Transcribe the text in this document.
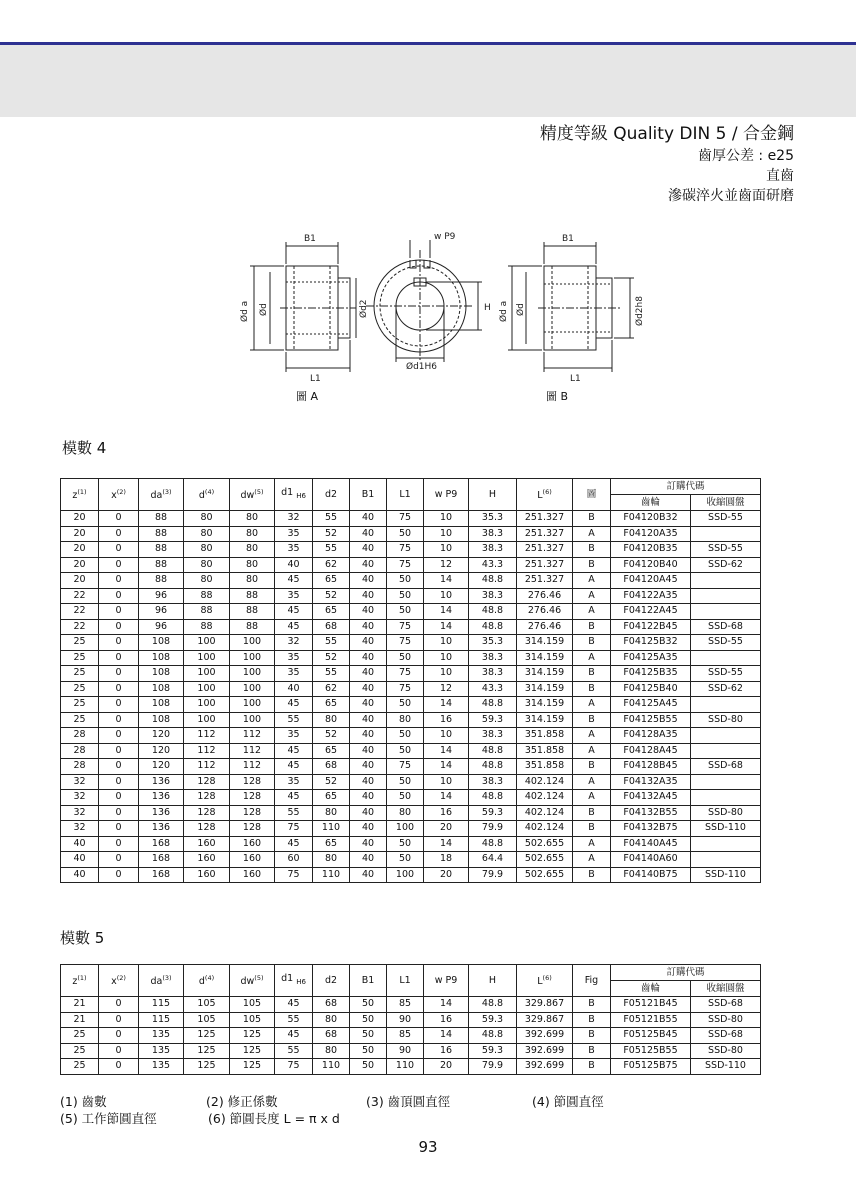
精度等級 Quality DIN 5 / 合金鋼
齒厚公差 : e25
直齒
滲碳淬火並齒面研磨
B1
L1
Ød a Ød	Ød2
w P9
H
Ød1H6
B1
L1
Ød a Ød	Ød2h8
圖 A	圖 B
模數 4
$z^{(1)}$	$x^{(2)}$	$da^{(3)}$	$d^{(4)}$	$dw^{(5)}$	d1 $_{H6}$	d2	B1	L1	w P9	H	$L^{(6)}$	圖	訂購代碼	
													齒輪	收縮圓盤
20	0	88	80	80	32	55	40	75	10	35.3	251.327	B	F04120B32	SSD-55
20	0	88	80	80	35	52	40	50	10	38.3	251.327	A	F04120A35	
20	0	88	80	80	35	55	40	75	10	38.3	251.327	B	F04120B35	SSD-55
20	0	88	80	80	40	62	40	75	12	43.3	251.327	B	F04120B40	SSD-62
20	0	88	80	80	45	65	40	50	14	48.8	251.327	A	F04120A45	
22	0	96	88	88	35	52	40	50	10	38.3	276.46	A	F04122A35	
22	0	96	88	88	45	65	40	50	14	48.8	276.46	A	F04122A45	
22	0	96	88	88	45	68	40	75	14	48.8	276.46	B	F04122B45	SSD-68
25	0	108	100	100	32	55	40	75	10	35.3	314.159	B	F04125B32	SSD-55
25	0	108	100	100	35	52	40	50	10	38.3	314.159	A	F04125A35	
25	0	108	100	100	35	55	40	75	10	38.3	314.159	B	F04125B35	SSD-55
25	0	108	100	100	40	62	40	75	12	43.3	314.159	B	F04125B40	SSD-62
25	0	108	100	100	45	65	40	50	14	48.8	314.159	A	F04125A45	
25	0	108	100	100	55	80	40	80	16	59.3	314.159	B	F04125B55	SSD-80
28	0	120	112	112	35	52	40	50	10	38.3	351.858	A	F04128A35	
28	0	120	112	112	45	65	40	50	14	48.8	351.858	A	F04128A45	
28	0	120	112	112	45	68	40	75	14	48.8	351.858	B	F04128B45	SSD-68
32	0	136	128	128	35	52	40	50	10	38.3	402.124	A	F04132A35	
32	0	136	128	128	45	65	40	50	14	48.8	402.124	A	F04132A45	
32	0	136	128	128	55	80	40	80	16	59.3	402.124	B	F04132B55	SSD-80
32	0	136	128	128	75	110	40	100	20	79.9	402.124	B	F04132B75	SSD-110
40	0	168	160	160	45	65	40	50	14	48.8	502.655	A	F04140A45	
40	0	168	160	160	60	80	40	50	18	64.4	502.655	A	F04140A60	
40	0	168	160	160	75	110	40	100	20	79.9	502.655	B	F04140B75	SSD-110
模數 5
$z^{(1)}$	$x^{(2)}$	$da^{(3)}$	$d^{(4)}$	$dw^{(5)}$	d1 $_{H6}$	d2	B1	L1	w P9	H	$L^{(6)}$	Fig	訂購代碼	
													齒輪	收縮圓盤
21	0	115	105	105	45	68	50	85	14	48.8	329.867	B	F05121B45	SSD-68
21	0	115	105	105	55	80	50	90	16	59.3	329.867	B	F05121B55	SSD-80
25	0	135	125	125	45	68	50	85	14	48.8	392.699	B	F05125B45	SSD-68
25	0	135	125	125	55	80	50	90	16	59.3	392.699	B	F05125B55	SSD-80
25	0	135	125	125	75	110	50	110	20	79.9	392.699	B	F05125B75	SSD-110
(1) 齒數	(2) 修正係數	(3) 齒頂圓直徑	(4) 節圓直徑
(5) 工作節圓直徑	(6) 節圓長度 L = π x d
93
